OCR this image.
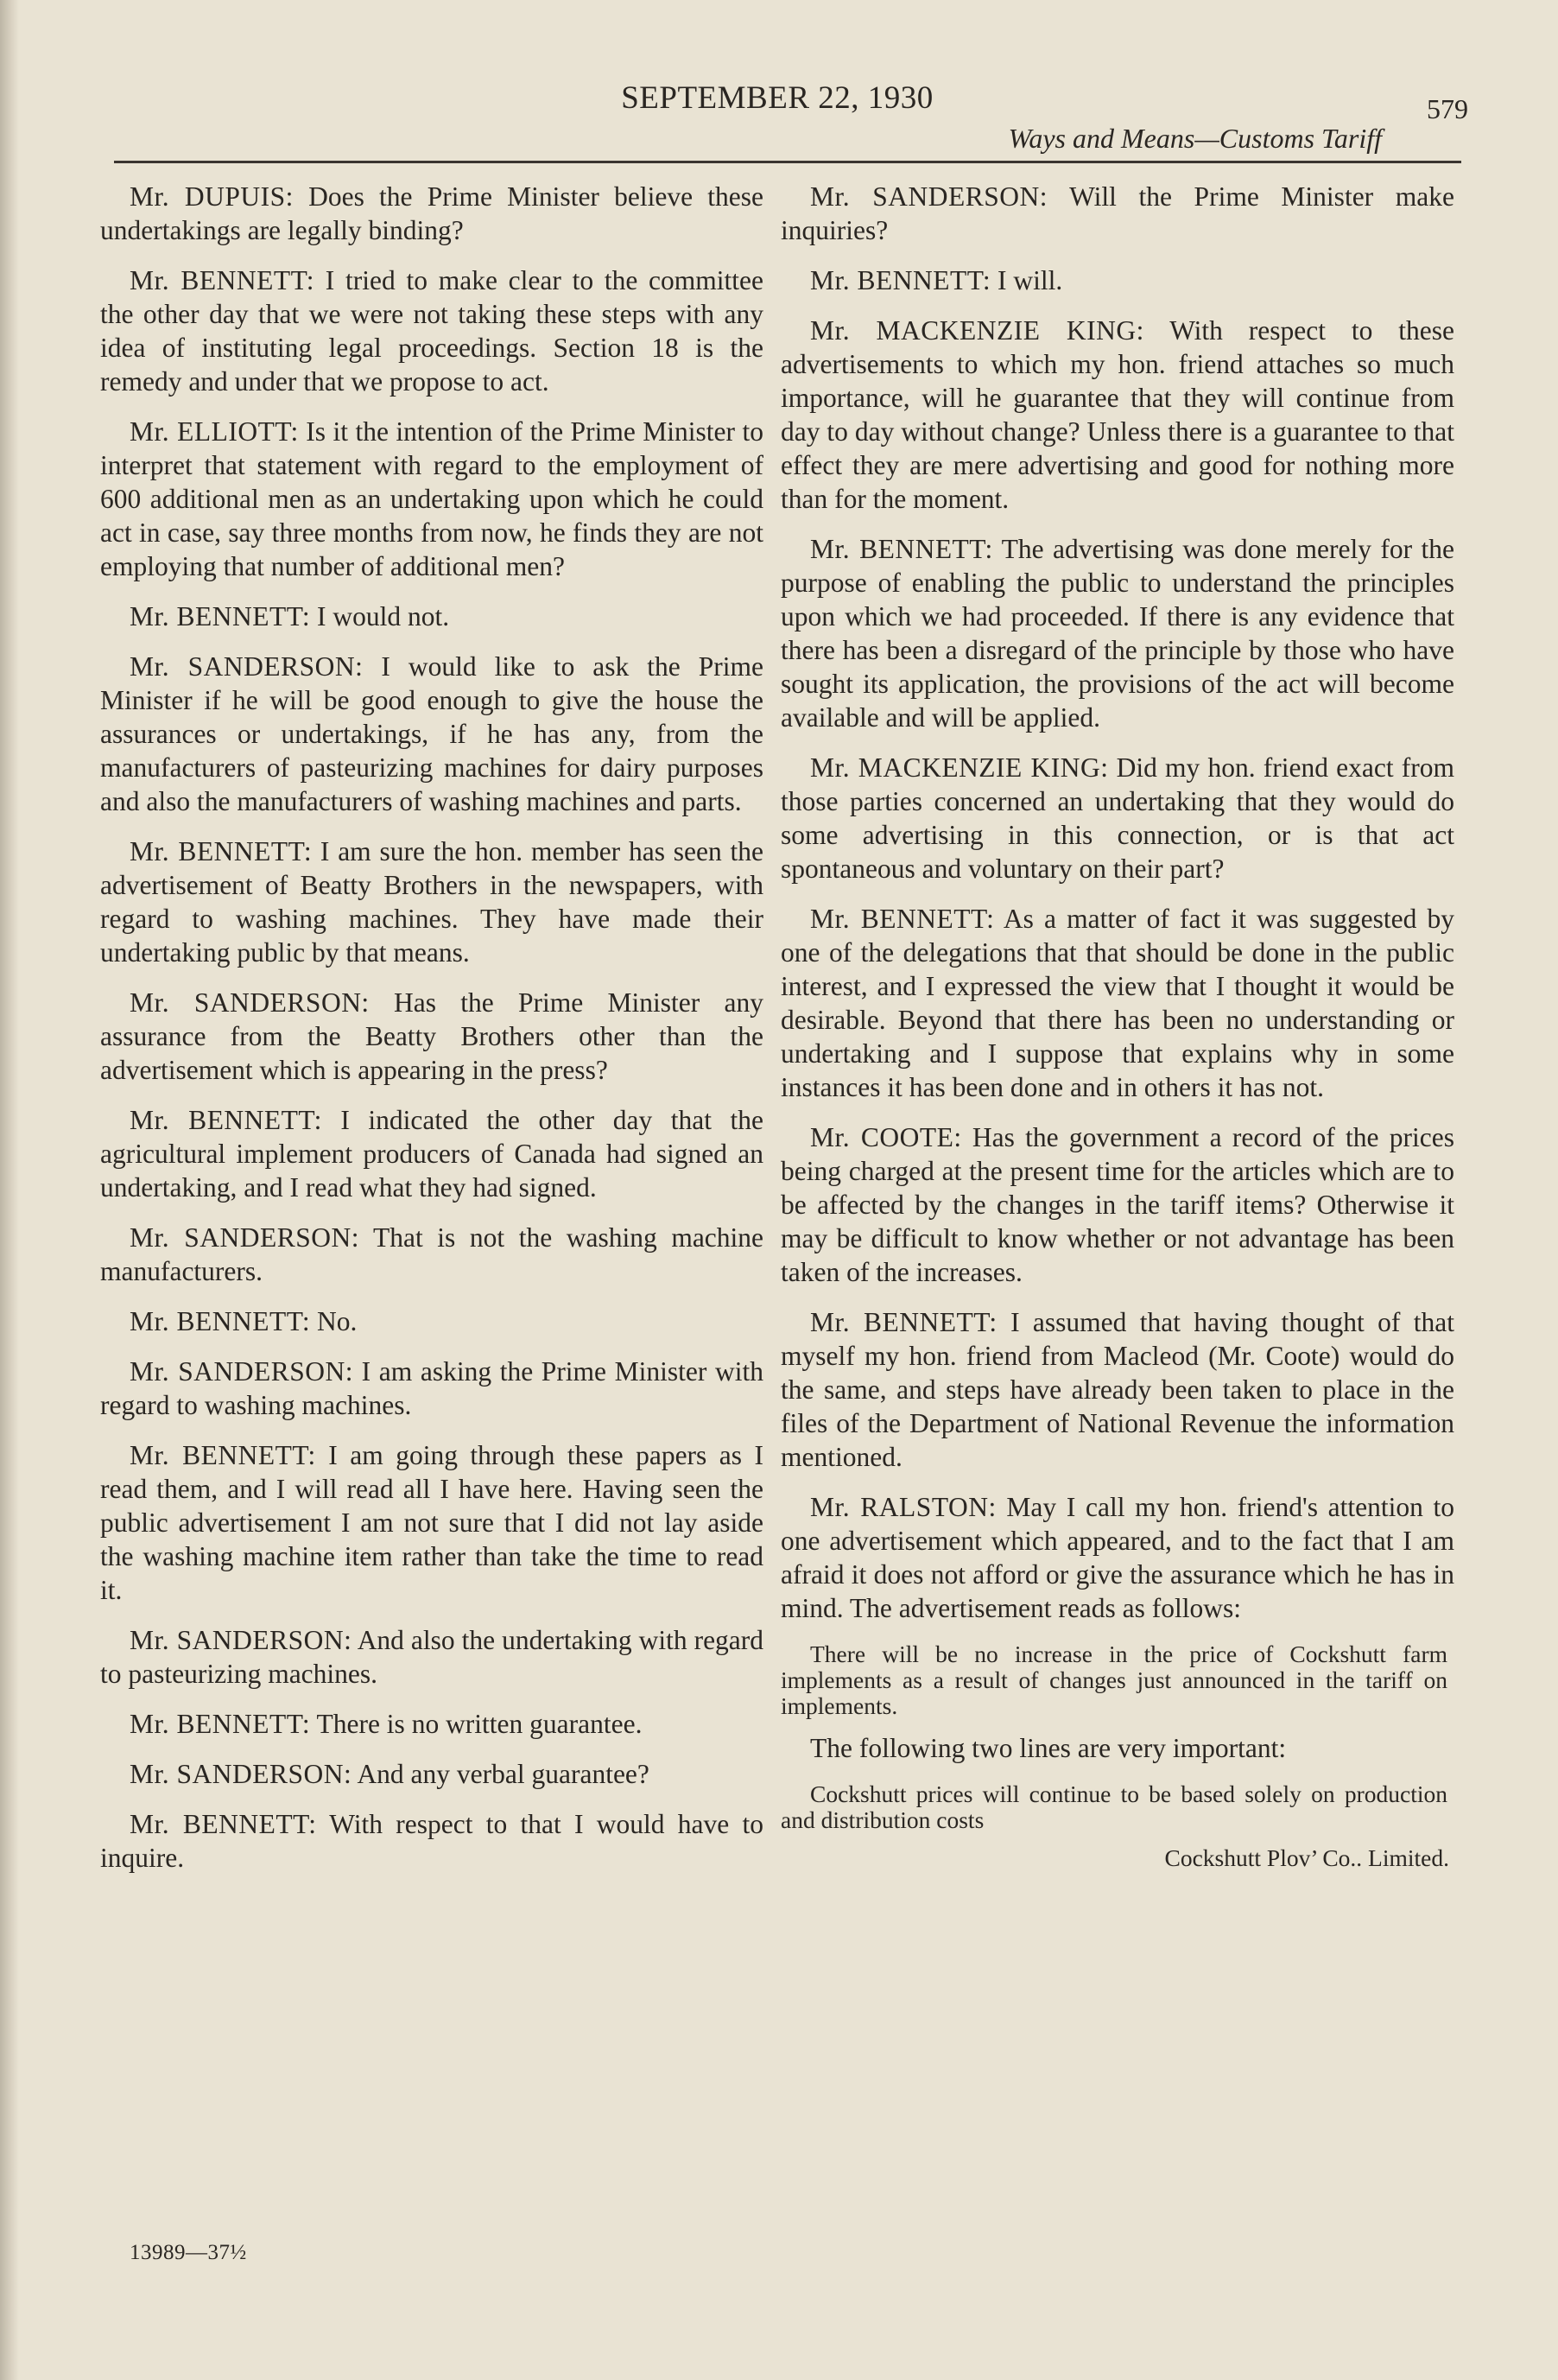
SEPTEMBER 22, 1930	579
Ways and Means—Customs Tariff

Mr. DUPUIS: Does the Prime Minister believe these undertakings are legally binding?

Mr. BENNETT: I tried to make clear to the committee the other day that we were not taking these steps with any idea of instituting legal proceedings. Section 18 is the remedy and under that we propose to act.

Mr. ELLIOTT: Is it the intention of the Prime Minister to interpret that statement with regard to the employment of 600 additional men as an undertaking upon which he could act in case, say three months from now, he finds they are not employing that number of additional men?

Mr. BENNETT: I would not.

Mr. SANDERSON: I would like to ask the Prime Minister if he will be good enough to give the house the assurances or undertakings, if he has any, from the manufacturers of pasteurizing machines for dairy purposes and also the manufacturers of washing machines and parts.

Mr. BENNETT: I am sure the hon. member has seen the advertisement of Beatty Brothers in the newspapers, with regard to washing machines. They have made their undertaking public by that means.

Mr. SANDERSON: Has the Prime Minister any assurance from the Beatty Brothers other than the advertisement which is appearing in the press?

Mr. BENNETT: I indicated the other day that the agricultural implement producers of Canada had signed an undertaking, and I read what they had signed.

Mr. SANDERSON: That is not the washing machine manufacturers.

Mr. BENNETT: No.

Mr. SANDERSON: I am asking the Prime Minister with regard to washing machines.

Mr. BENNETT: I am going through these papers as I read them, and I will read all I have here. Having seen the public advertisement I am not sure that I did not lay aside the washing machine item rather than take the time to read it.

Mr. SANDERSON: And also the undertaking with regard to pasteurizing machines.

Mr. BENNETT: There is no written guarantee.

Mr. SANDERSON: And any verbal guarantee?

Mr. BENNETT: With respect to that I would have to inquire.

Mr. SANDERSON: Will the Prime Minister make inquiries?

Mr. BENNETT: I will.

Mr. MACKENZIE KING: With respect to these advertisements to which my hon. friend attaches so much importance, will he guarantee that they will continue from day to day without change? Unless there is a guarantee to that effect they are mere advertising and good for nothing more than for the moment.

Mr. BENNETT: The advertising was done merely for the purpose of enabling the public to understand the principles upon which we had proceeded. If there is any evidence that there has been a disregard of the principle by those who have sought its application, the provisions of the act will become available and will be applied.

Mr. MACKENZIE KING: Did my hon. friend exact from those parties concerned an undertaking that they would do some advertising in this connection, or is that act spontaneous and voluntary on their part?

Mr. BENNETT: As a matter of fact it was suggested by one of the delegations that that should be done in the public interest, and I expressed the view that I thought it would be desirable. Beyond that there has been no understanding or undertaking and I suppose that explains why in some instances it has been done and in others it has not.

Mr. COOTE: Has the government a record of the prices being charged at the present time for the articles which are to be affected by the changes in the tariff items? Otherwise it may be difficult to know whether or not advantage has been taken of the increases.

Mr. BENNETT: I assumed that having thought of that myself my hon. friend from Macleod (Mr. Coote) would do the same, and steps have already been taken to place in the files of the Department of National Revenue the information mentioned.

Mr. RALSTON: May I call my hon. friend's attention to one advertisement which appeared, and to the fact that I am afraid it does not afford or give the assurance which he has in mind. The advertisement reads as follows:

There will be no increase in the price of Cockshutt farm implements as a result of changes just announced in the tariff on implements.

The following two lines are very important:

Cockshutt prices will continue to be based solely on production and distribution costs

Cockshutt Plov’ Co.. Limited.

13989—37½
